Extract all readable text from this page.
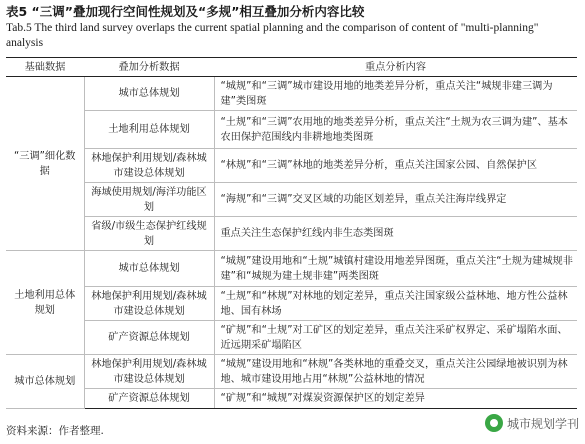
表5 “三调”叠加现行空间性规划及“多规”相互叠加分析内容比较
Tab.5 The third land survey overlaps the current spatial planning and the comparison of content of "multi-planning" analysis
基础数据	叠加分析数据	重点分析内容
“三调”细化数据	城市总体规划	“城规”和“三调”城市建设用地的地类差异分析，重点关注“城规非建三调为建”类图斑
	土地利用总体规划	“土规”和“三调”农用地的地类差异分析，重点关注“土规为农三调为建”、基本农田保护范围线内非耕地地类图斑
	林地保护利用规划/森林城市建设总体规划	“林规”和“三调”林地的地类差异分析，重点关注国家公园、自然保护区
	海域使用规划/海洋功能区划	“海规”和“三调”交叉区域的功能区划差异，重点关注海岸线界定
	省级/市级生态保护红线规划	重点关注生态保护红线内非生态类图斑
土地利用总体规划	城市总体规划	“城规”建设用地和“土规”城镇村建设用地差异图斑，重点关注“土规为建城规非建”和“城规为建土规非建”两类图斑
	林地保护利用规划/森林城市建设总体规划	“土规”和“林规”对林地的划定差异，重点关注国家级公益林地、地方性公益林地、国有林场
	矿产资源总体规划	“矿规”和“土规”对工矿区的划定差异，重点关注采矿权界定、采矿塌陷水面、近远期采矿塌陷区
城市总体规划	林地保护利用规划/森林城市建设总体规划	“城规”建设用地和“林规”各类林地的重叠交叉，重点关注公园绿地被识别为林地、城市建设用地占用“林规”公益林地的情况
	矿产资源总体规划	“矿规”和“城规”对煤炭资源保护区的划定差异
资料来源：作者整理.
城市规划学刊
